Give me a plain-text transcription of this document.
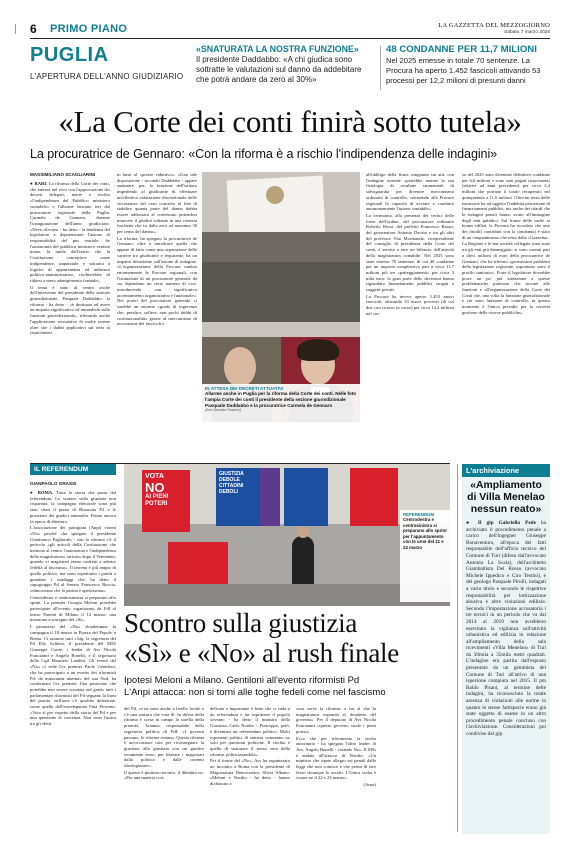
6 PRIMO PIANO	LA GAZZETTA DEL MEZZOGIORNO
Sabato 7 marzo 2026
PUGLIA
L'APERTURA DELL'ANNO GIUDIZIARIO
«SNATURATA LA NOSTRA FUNZIONE»
Il presidente Daddabbo: «A chi giudica sono sottratte le valutazioni sul danno da addebitare che potrà andare da zero al 30%»
48 CONDANNE PER 11,7 MILIONI
Nel 2025 emesse in totale 70 sentenze. La Procura ha aperto 1.452 fascicoli attivando 53 processi per 12,2 milioni di presunti danni
«La Corte dei conti finirà sotto tutela»
La procuratrice de Gennaro: «Con la riforma è a rischio l'indipendenza delle indagini»
MASSIMILIANO SCAGLIARINI

● BARI. La riforma della Corte dei conti, che entrerà nel vivo con l'approvazione dei decreti delegati, mette a rischio «l'indipendenza del Pubblico ministero contabile» e l'allarme lanciato ieri dal procuratore regionale della Puglia, Carmela de Gennaro, durante l'inaugurazione dell'anno giudiziario. «Deve rilevarsi - ha detto - la tendenza del legislatore a depotenziare l'azione di responsabilità del pm erariale. Se l'autonomia del pubblico ministero venisse meno, la tutela dell'erario che la Costituzione concepisce come indipendente, imparziale e sottratta a logiche di appartenenza ed indirizzo politico-amministrativo, rischierebbe di ridursi a mero adempimento formale».

Il tema è stato al centro anche dell'intervento del presidente della sezione giurisdizionale, Pasquale Daddabbo: la riforma - ha detto - «è destinata ad avere un impatto significativo ed immediato sulle funzioni giurisdizionali», rilevando anche l'applicazione retroattiva di molte norme oltre che i dubbi applicativi sul tetto ai risarcimenti

in base al «potere riduttivo»: «Una tale disposizione - secondo Daddabbo - appare snaturare, per, la funzione dell'istituto impedendo al giudicante di effettuare un'effettiva valutazione discrezionale delle circostanze del caso concreto al fine di stabilire quanta parte del danno debba essere addossata al convenuto potendosi muovere il giudice soltanto in una ristretta forchetta che va dalla zero ad massimo 30 per cento del danno».

La riforma, ha spiegato la procuratrice de Gennaro, oltre a introdurre quella che appare di fatto come una separazione delle carriere tra giudicante e requirente, ha un impatto devastante sull'azione di indagine. «L'organizzazione della Procura cambia enormemente le Procure regionali, con l'istituzione di un procuratore generale da cui dipendono un certo numero di vice, introducendo «un significativo accentramento organizzativo e funzionale». Nei poteri del procuratore generale ci sarebbe un enorme «grado di ingerenza che, peraltro, sollevo non pochi dubbi di costituzionalità» grazie al meccanismo di avocazione dei fascicoli e

IN ATTESA DEI DECRETI ATTUATIVI
Allarme anche in Puglia per la riforma della Corte dei conti. Nelle foto l'ampia Corte dei conti il presidente della sezione giurisdizionale Pasquale Daddabbo e la procuratrice Carmela de Gennaro
(foto Donato Fasano)

all'obbligo della firma congiunta sui atti, con l'indagine erariale «potrebbe mutare la sua fisiologia di resultate strumentali di salvaguardia per divenire meccanismo ordinario di controllo, sottraendo alle Procure regionali la capacità di avviare e condurre autonomamente l'azione contabile».

La cerimonia, alla presenza dei vertici delle forze dell'ordine, del procuratore ordinario Roberto Rossi, del prefetto Francesco Russo, del governatore Antonio Decaro e tra gli altri del professor Vito Mormando, vicepresidente del consiglio di presidenza della Corte dei conti, è servita a fare un bilancio dell'attività della magistratura contabile. Nel 2025 sono state emesse 70 sentenze, di cui 48 condanne per un importo complessivo pari a circa 11,7 milioni più tre «patteggiamenti» per circa 3 mila euro: la gran parte delle decisioni hanno riguardato finanziamenti pubblici erogati a soggetti privati.

La Procura ha invece aperto 1.452 nuovi fascicoli, attivando 53 nuovi processi (di cui due con ricorso in corso) per circa 12,2 milioni nel cor-

so del 2025 sono diventate definitive condanne per 6,6 milioni e sono stati pagati risarcimenti (relativi ad anni precedenti) per circa 2,4 milioni che portano il totale recuperato nel quinquennio a 11,6 milioni. Oltre un terzo delle istruttorie ha ad oggetto l'indebita percezione di finanziamenti pubblici, ma anche dei ritardi che le indagini penali hanno avuto all'immagine degli enti pubblici. Sul fronte delle truffe ai bonus edilizi, la Procura ha ricordato che uno dei (molti) contributi con la condanna) è stato di un cinquantesimo che resta dalla «Gazzetta».

La Regione e le sue società collegate sono state tra gli enti più danneggiati: si sono contati pari a dieci milioni di euro della procuratrice de Gennaro, che ha rilevato «grossissimi problemi della legislazione regionale, soprattutto sotto il profilo sanitario». Forte il legislatore dovrebbe porre un po' più attenzione a queste problematiche piuttosto che trovare alle funzioni e all'organizzazione della Corte dei Conti che, una volta la funzione giurisdizionale e ciò sono funzione di controllo, in questo momento è l'unico presidio per la corretta gestione delle risorse pubbliche».

IL REFERENDUM
GIANPAOLO GRASSI

● ROMA. Tutta la storia che passa dal referendum. Lo scontro sulla giustizia non risparmia, la campagna elettorale sono più stati citati il piano di Rinascita P2 e le posizioni dei giudici antimafia. Prima ancora fa epoca di dittatura.

L'associazione dei partigiani (Anpi) voterà «No» perché «ha spiegato il presidente Gianfranco Pagliarulo - con la riforma c'è il pericolo «gli articoli della Costituzione che mettono al centro l'autonomia e l'indipendenza della magistratura» arrivato dopo il Ventennio, quando vi magistrati erano costretti a aderire fedeltà al fascismo». Il terreno è più ampio di quello politico, ma sono soprattutto i partiti a guardare i sondaggi che, ha detto il capogruppo Pd al Senato Francesco Boccia, «dimostrano che la partita è apertissima».

Centrodestra e centrosinistra si preparano allo sprint. La premier Giorgia Meloni potrebbe partecipare all'evento organizzato da Fdl al teatro Parenti di Milano il 12 marzo: una maratona a sostegno del «Sì».

I promotori del «No» chiuderanno la campagna il 18 marzo in Piazza del Popolo a Roma. Ci saranno tutti i big: la segretaria del Pd Elly Schlein, il presidente del M5S Giuseppe Conte, i leader di Avs Nicola Fratoianni e Angelo Bonelli, e il segretario della Cgil Maurizio Landini. Gli eventi del «No» ci vede l'ex premier Paolo Gentiloni, che ha partecipato a un evento dei riformisti Pd: da minoranza interna» del suo Nod, ha confermato l'ex premier. Una posizione che potrebbe non essere scontata nel grado tutti i parlamentari riformisti del Pd seguano la linea del partito, nell'area c'è qualche defezione, come quella dell'eurodeputata Pina Picierno: «Voto sì per rispetto della storia del Pd e per una questione di coerenza. Non sono l'unica tra gli eletti

VOTA
NO
AI PIENI
POTERI
GIUSTIZIA DEBOLE CITTADINI DEBOLI
REFERENDUM
Centrodestra e centrosinistra si preparano allo sprint per l'appuntamento con le urne del 21 e 22 marzo
Scontro sulla giustizia
«Sì» e «No» al rush finale
Ipotesi Meloni a Milano. Gentiloni all'evento riformisti Pd
L'Anpi attacca: non si torni alle toghe fedeli come nel fascismo

del Pd, ce ne sono anche a livello locale e c'è una sinistra che vota Sì. In difesa della riforma è scesa in campo la sorella della premier, Arianna, responsabile della segreteria politica di FdI: «I governi passano, le riforme restano. Questa riforma è un'occasione rara per riconsegnare la giustizia alla giustizia con un giudice veramente terzo, per liberare i magistrati dalla politica e dalle correnti ideologizzate».

Il questo è piuttosto tecnico, il dibattito no. «Per una materia così

delicata e importante è bene che ci vada a un referendum e far esprimere il popolo sovrano - ha detto il ministro della Giustizia, Carlo Nordio -. Purtroppo, però, è diventato un referendum politico. Molti esponenti politici di sinistra voteranno no solo per questioni politiche. Il rischio è quello di snaturare il senso vero della riforma, politicizzandola».

Per il fronte del «No», Avs ha organizzato un incontro a Roma con la presidente di Magistratura Democratica, Silvia Albano: «Meloni e Nordio - ha detto - hanno dichiarato a

cosa serve la riforma: a far sì che la magistratura risponda al desiderio del governo». Per il deputato di Avs Nicola Fratoianni «questo governo vuole i pieni poteri».

Ecco che per riferimento la svolta autoritaria - ha spiegato l'altro leader di Avs, Angelo Bonelli - votando No». Il M5s è andato all'attacco di Nordio: «Un ministro che ripete allegro sui penali dalle leggi che non conosce e che pensa di fare fesso chiunque lo ascolti. L'Unica scelta è votare no il 22 e 23 marzo».

(Ansa)

L'archiviazione
«Ampliamento di Villa Menelao nessun reato»

● Il gip Gabriella Pede ha archiviato il procedimento penale a carico dell'ingegner Giuseppe Bonaventura, all'epoca dei fatti responsabile dell'ufficio tecnico del Comune di Turi (difeso dall'avvocato Antonio La Scala), dell'architetto Giambattista Del Rosso (avvocato Michele Ippedico e Ciro Testini), e del geologo Pasquale Pirulli, indagati a vario titolo e secondo le rispettive responsabilità per lottizzazione abusiva e altre violazioni edilizie. Secondo l'impostazione accusatoria i tre tecnici in un periodo che va dal 2014 al 2019 non avrebbero esercitato la vigilanza sull'attività urbanistica ed edilizia in relazione all'ampliamento della sala ricevimenti «Villa Menelao» di Turi da 30mila a 35mila metri quadrati. L'indagine era partita dall'esposto presentato da un gemmista del Comune di Turi all'attivo di una ispezione compiuta nel 2015. Il pm Baldo Pisani, al termine delle indagini, ha riconosciuto la totale assenza di violazioni alle norme in quanto le stesse fattispecie erano già state oggetto di esame in un altro procedimento penale concluso con l'archiviazione. Considerazioni poi condivise dal gip.
